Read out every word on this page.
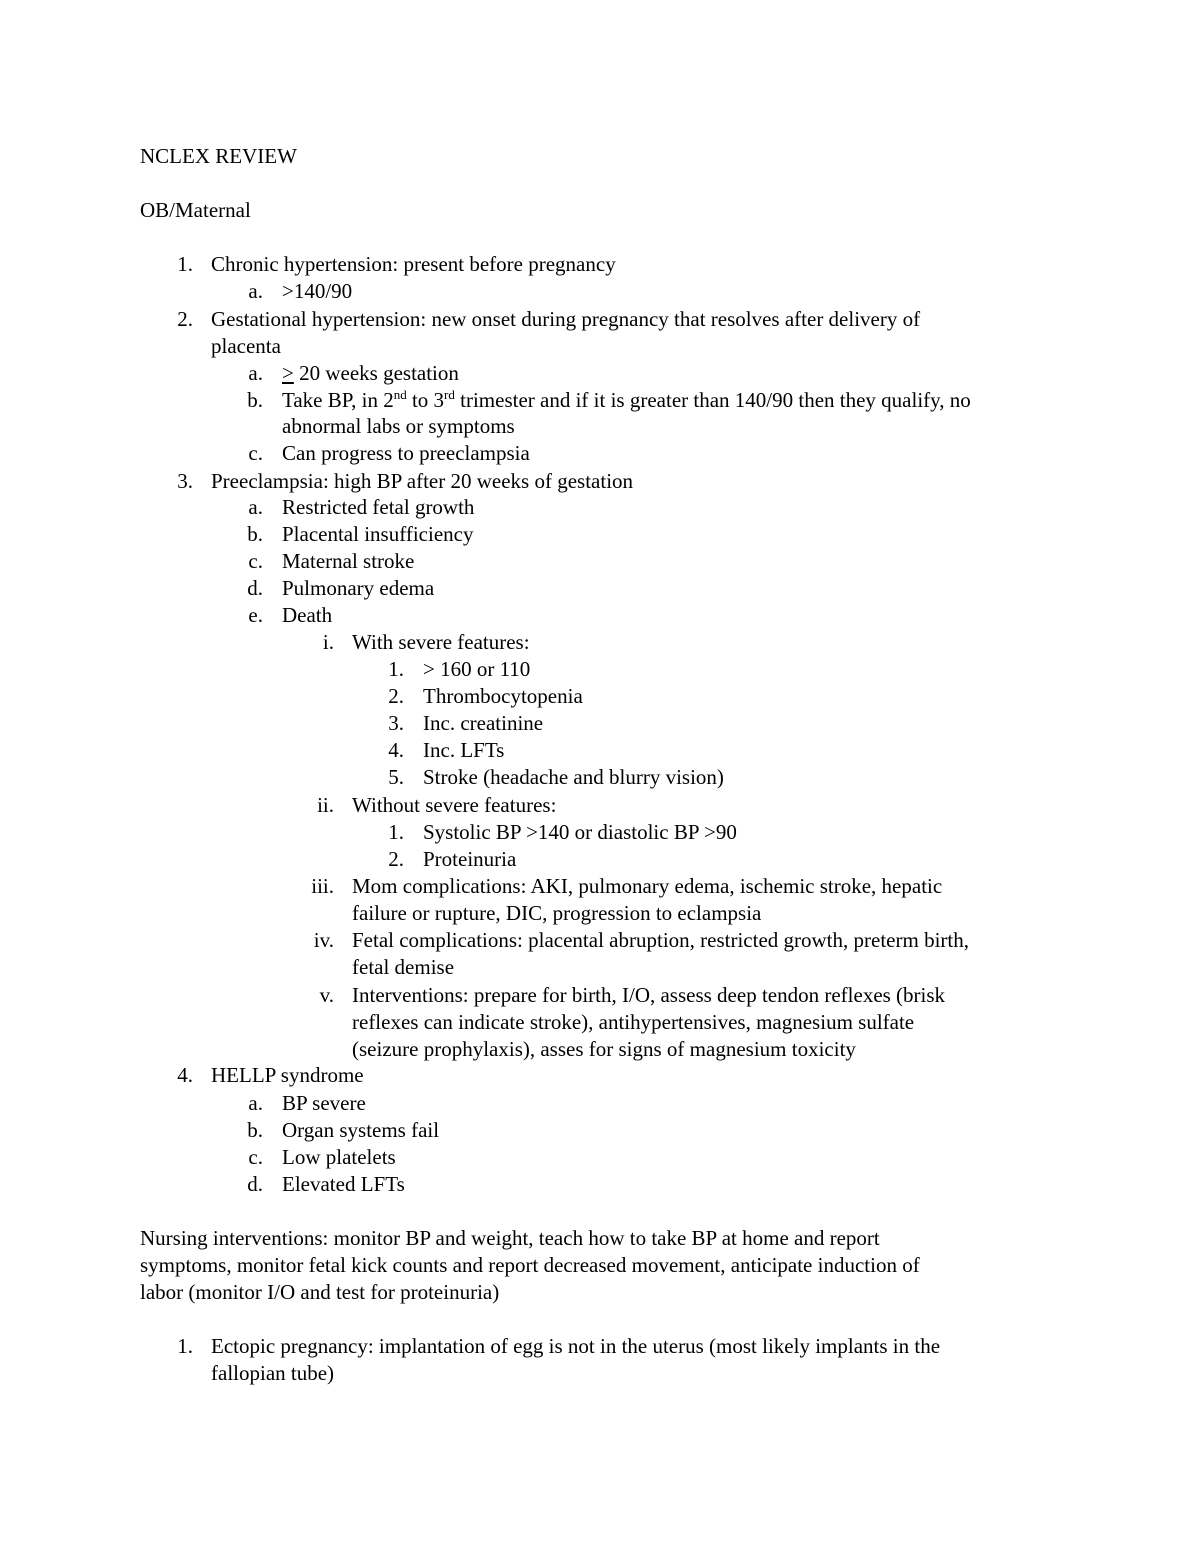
NCLEX REVIEW
OB/Maternal
1. Chronic hypertension: present before pregnancy
a. >140/90
2. Gestational hypertension: new onset during pregnancy that resolves after delivery of
placenta
a. > 20 weeks gestation
b. Take BP, in 2nd to 3rd trimester and if it is greater than 140/90 then they qualify, no
abnormal labs or symptoms
c. Can progress to preeclampsia
3. Preeclampsia: high BP after 20 weeks of gestation
a. Restricted fetal growth
b. Placental insufficiency
c. Maternal stroke
d. Pulmonary edema
e. Death
i. With severe features:
1. > 160 or 110
2. Thrombocytopenia
3. Inc. creatinine
4. Inc. LFTs
5. Stroke (headache and blurry vision)
ii. Without severe features:
1. Systolic BP >140 or diastolic BP >90
2. Proteinuria
iii. Mom complications: AKI, pulmonary edema, ischemic stroke, hepatic
failure or rupture, DIC, progression to eclampsia
iv. Fetal complications: placental abruption, restricted growth, preterm birth,
fetal demise
v. Interventions: prepare for birth, I/O, assess deep tendon reflexes (brisk
reflexes can indicate stroke), antihypertensives, magnesium sulfate
(seizure prophylaxis), asses for signs of magnesium toxicity
4. HELLP syndrome
a. BP severe
b. Organ systems fail
c. Low platelets
d. Elevated LFTs
Nursing interventions: monitor BP and weight, teach how to take BP at home and report
symptoms, monitor fetal kick counts and report decreased movement, anticipate induction of
labor (monitor I/O and test for proteinuria)
1. Ectopic pregnancy: implantation of egg is not in the uterus (most likely implants in the
fallopian tube)
